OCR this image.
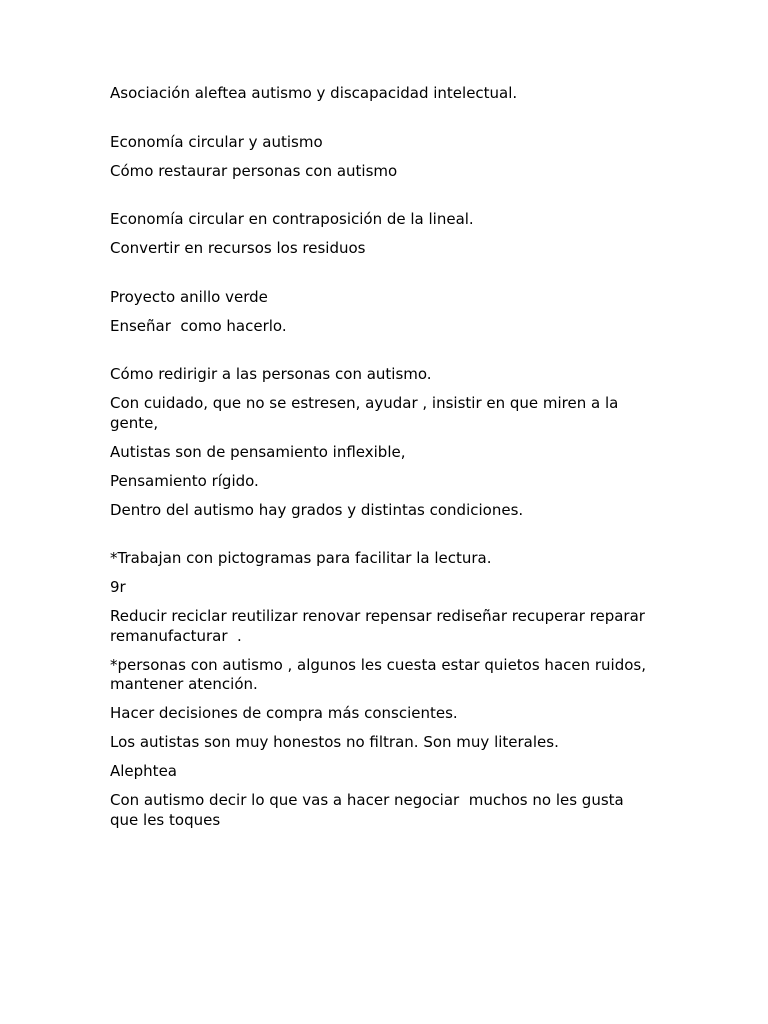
Asociación aleftea autismo y discapacidad intelectual.

Economía circular y autismo

Cómo restaurar personas con autismo

Economía circular en contraposición de la lineal.

Convertir en recursos los residuos

Proyecto anillo verde

Enseñar  como hacerlo.

Cómo redirigir a las personas con autismo.

Con cuidado, que no se estresen, ayudar , insistir en que miren a la gente,

Autistas son de pensamiento inflexible,

Pensamiento rígido.

Dentro del autismo hay grados y distintas condiciones.

*Trabajan con pictogramas para facilitar la lectura.

9r

Reducir reciclar reutilizar renovar repensar rediseñar recuperar reparar remanufacturar  .

*personas con autismo , algunos les cuesta estar quietos hacen ruidos, mantener atención.

Hacer decisiones de compra más conscientes.

Los autistas son muy honestos no filtran. Son muy literales.

Alephtea

Con autismo decir lo que vas a hacer negociar  muchos no les gusta que les toques
